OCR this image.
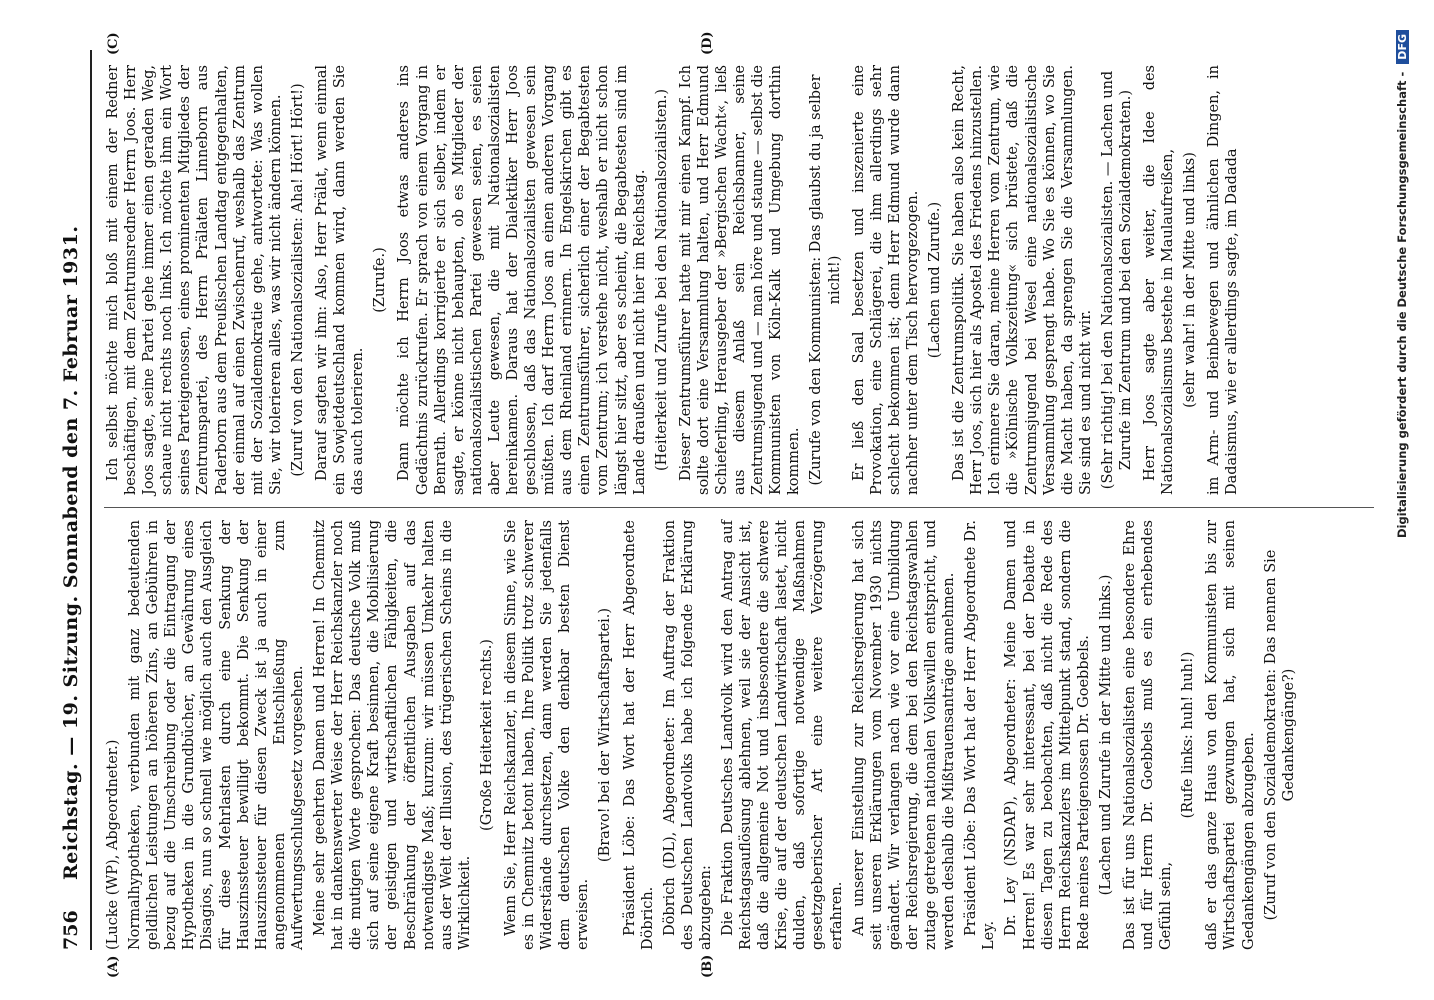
756
Reichstag. — 19. Sitzung. Sonnabend den 7. Februar 1931. (Lucke (WP), Abgeordneter.) Normalhypotheken, verbunden mit ganz bedeutenden geldlichen Leistungen an höheren Zins, an Gebühren in bezug auf die Umschreibung oder die Eintragung der Hypotheken in die Grundbücher, an Gewährung eines Disagios, nun so schnell wie möglich auch den Ausgleich für diese Mehrlasten durch eine Senkung der Hauszinssteuer bewilligt bekommt. Die Senkung der Hauszinssteuer für diesen Zweck ist ja auch in einer angenommenen Entschließung zum Aufwertungsschlußgesetz vorgesehen. Meine sehr geehrten Damen und Herren! In Chemnitz hat in dankenswerter Weise der Herr Reichskanzler noch die mutigen Worte gesprochen: Das deutsche Volk muß sich auf seine eigene Kraft besinnen, die Mobilisierung der geistigen und wirtschaftlichen Fähigkeiten, die Beschränkung der öffentlichen Ausgaben auf das notwendigste Maß; kurzum: wir müssen Umkehr halten aus der Welt der Illusion, des trügerischen Scheins in die Wirklichkeit.

(Große Heiterkeit rechts.) Wenn Sie, Herr Reichskanzler, in diesem Sinne, wie Sie es in Chemnitz betont haben, Ihre Politik trotz schwerer Widerstände durchsetzen, dann werden Sie jedenfalls dem deutschen Volke den denkbar besten Dienst erweisen.

(Bravo! bei der Wirtschaftspartei.) Präsident Löbe: Das Wort hat der Herr Abgeordnete Döbrich. Döbrich (DL), Abgeordneter: Im Auftrag der Fraktion des Deutschen Landvolks habe ich folgende Erklärung abzugeben: Die Fraktion Deutsches Landvolk wird den Antrag auf Reichstagsauflösung ablehnen, weil sie der Ansicht ist, daß die allgemeine Not und insbesondere die schwere Krise, die auf der deutschen Landwirtschaft lastet, nicht dulden, daß sofortige notwendige Maßnahmen gesetzgeberischer Art eine weitere Verzögerung erfahren. An unserer Einstellung zur Reichsregierung hat sich seit unseren Erklärungen vom November 1930 nichts geändert. Wir verlangen nach wie vor eine Umbildung der Reichsregierung, die dem bei den Reichstagswahlen zutage getretenen nationalen Volkswillen entspricht, und werden deshalb die Mißtrauensanträge annehmen. Präsident Löbe: Das Wort hat der Herr Abgeordnete Dr. Ley. Dr. Ley (NSDAP), Abgeordneter: Meine Damen und Herren! Es war sehr interessant, bei der Debatte in diesen Tagen zu beobachten, daß nicht die Rede des Herrn Reichskanzlers im Mittelpunkt stand, sondern die Rede meines Parteigenossen Dr. Goebbels. (Lachen und Zurufe in der Mitte und links.) Das ist für uns Nationalsozialisten eine besondere Ehre und für Herrn Dr. Goebbels muß es ein erhebendes Gefühl sein,

(Rufe links: huh! huh!) daß er das ganze Haus von den Kommunisten bis zur Wirtschaftspartei gezwungen hat, sich mit seinen Gedankengängen abzugeben. (Zuruf von den Sozialdemokraten: Das nennen Sie Gedankengänge?)

Ich selbst möchte mich bloß mit einem der Redner beschäftigen, mit dem Zentrumsredner Herrn Joos. Herr Joos sagte, seine Partei gehe immer einen geraden Weg, schaue nicht rechts noch links. Ich möchte ihm ein Wort seines Parteigenossen, eines prominenten Mitgliedes der Zentrumspartei, des Herrn Prälaten Linneborn aus Paderborn aus dem Preußischen Landtag entgegenhalten, der einmal auf einen Zwischenruf, weshalb das Zentrum mit der Sozialdemokratie gehe, antwortete: Was wollen Sie, wir tolerieren alles, was wir nicht ändern können. (Zuruf von den Nationalsozialisten: Aha! Hört! Hört!) Darauf sagten wir ihm: Also, Herr Prälat, wenn einmal ein Sowjetdeutschland kommen wird, dann werden Sie das auch tolerieren.

(Zurufe.) Dann möchte ich Herrn Joos etwas anderes ins Gedächtnis zurückrufen. Er sprach von einem Vorgang in Benrath. Allerdings korrigierte er sich selber, indem er sagte, er könne nicht behaupten, ob es Mitglieder der nationalsozialistischen Partei gewesen seien, es seien aber Leute gewesen, die mit Nationalsozialisten hereinkamen. Daraus hat der Dialektiker Herr Joos geschlossen, daß das Nationalsozialisten gewesen sein müßten. Ich darf Herrn Joos an einen anderen Vorgang aus dem Rheinland erinnern. In Engelskirchen gibt es einen Zentrumsführer, sicherlich einer der Begabtesten vom Zentrum; ich verstehe nicht, weshalb er nicht schon längst hier sitzt, aber es scheint, die Begabtesten sind im Lande draußen und nicht hier im Reichstag. (Heiterkeit und Zurufe bei den Nationalsozialisten.) Dieser Zentrumsführer hatte mit mir einen Kampf. Ich sollte dort eine Versammlung halten, und Herr Edmund Schieferling, Herausgeber der »Bergischen Wacht«, ließ aus diesem Anlaß sein Reichsbanner, seine Zentrumsjugend und — man höre und staune — selbst die Kommunisten von Köln-Kalk und Umgebung dorthin kommen. (Zurufe von den Kommunisten: Das glaubst du ja selber nicht!) Er ließ den Saal besetzen und inszenierte eine Provokation, eine Schlägerei, die ihm allerdings sehr schlecht bekommen ist; denn Herr Edmund wurde dann nachher unter dem Tisch hervorgezogen. (Lachen und Zurufe.) Das ist die Zentrumspolitik. Sie haben also kein Recht, Herr Joos, sich hier als Apostel des Friedens hinzustellen. Ich erinnere Sie daran, meine Herren vom Zentrum, wie die »Kölnische Volkszeitung« sich brüstete, daß die Zentrumsjugend bei Wesel eine nationalsozialistische Versammlung gesprengt habe. Wo Sie es können, wo Sie die Macht haben, da sprengen Sie die Versammlungen. Sie sind es und nicht wir. (Sehr richtig! bei den Nationalsozialisten. — Lachen und Zurufe im Zentrum und bei den Sozialdemokraten.) Herr Joos sagte aber weiter, die Idee des Nationalsozialismus bestehe in Maulaufreißen, (sehr wahr! in der Mitte und links) im Arm- und Beinbewegen und ähnlichen Dingen, in Dadaismus, wie er allerdings sagte, im Dadada

(A)	(B)
(C)	(D)
Digitalisierung gefördert durch die Deutsche Forschungsgemeinschaft - DFG
